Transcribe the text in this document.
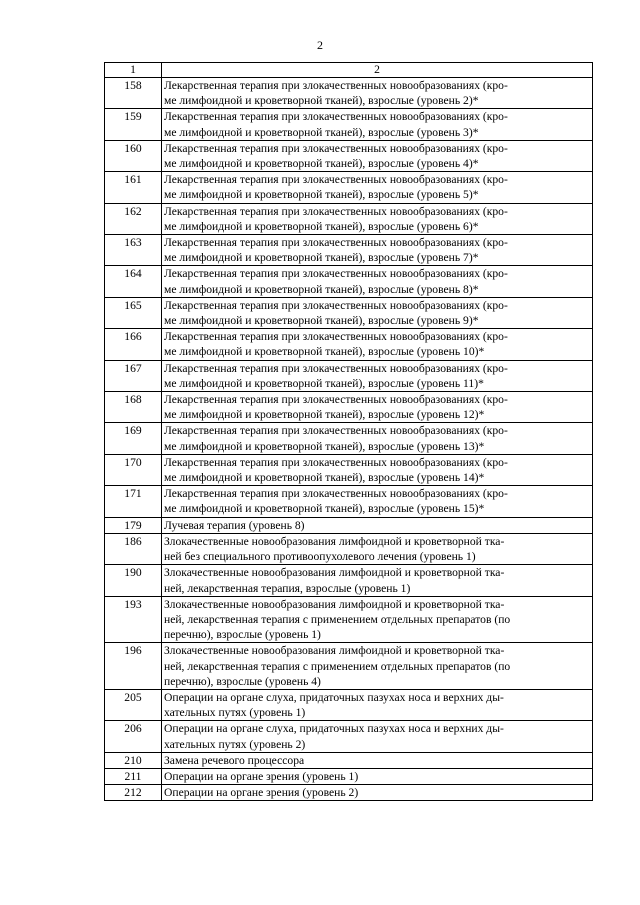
2
1	2
158	Лекарственная терапия при злокачественных новообразованиях (кро-
ме лимфоидной и кроветворной тканей), взрослые (уровень 2)*
159	Лекарственная терапия при злокачественных новообразованиях (кро-
ме лимфоидной и кроветворной тканей), взрослые (уровень 3)*
160	Лекарственная терапия при злокачественных новообразованиях (кро-
ме лимфоидной и кроветворной тканей), взрослые (уровень 4)*
161	Лекарственная терапия при злокачественных новообразованиях (кро-
ме лимфоидной и кроветворной тканей), взрослые (уровень 5)*
162	Лекарственная терапия при злокачественных новообразованиях (кро-
ме лимфоидной и кроветворной тканей), взрослые (уровень 6)*
163	Лекарственная терапия при злокачественных новообразованиях (кро-
ме лимфоидной и кроветворной тканей), взрослые (уровень 7)*
164	Лекарственная терапия при злокачественных новообразованиях (кро-
ме лимфоидной и кроветворной тканей), взрослые (уровень 8)*
165	Лекарственная терапия при злокачественных новообразованиях (кро-
ме лимфоидной и кроветворной тканей), взрослые (уровень 9)*
166	Лекарственная терапия при злокачественных новообразованиях (кро-
ме лимфоидной и кроветворной тканей), взрослые (уровень 10)*
167	Лекарственная терапия при злокачественных новообразованиях (кро-
ме лимфоидной и кроветворной тканей), взрослые (уровень 11)*
168	Лекарственная терапия при злокачественных новообразованиях (кро-
ме лимфоидной и кроветворной тканей), взрослые (уровень 12)*
169	Лекарственная терапия при злокачественных новообразованиях (кро-
ме лимфоидной и кроветворной тканей), взрослые (уровень 13)*
170	Лекарственная терапия при злокачественных новообразованиях (кро-
ме лимфоидной и кроветворной тканей), взрослые (уровень 14)*
171	Лекарственная терапия при злокачественных новообразованиях (кро-
ме лимфоидной и кроветворной тканей), взрослые (уровень 15)*
179	Лучевая терапия (уровень 8)
186	Злокачественные новообразования лимфоидной и кроветворной тка-
ней без специального противоопухолевого лечения (уровень 1)
190	Злокачественные новообразования лимфоидной и кроветворной тка-
ней, лекарственная терапия, взрослые (уровень 1)
193	Злокачественные новообразования лимфоидной и кроветворной тка-
ней, лекарственная терапия с применением отдельных препаратов (по
перечню), взрослые (уровень 1)
196	Злокачественные новообразования лимфоидной и кроветворной тка-
ней, лекарственная терапия с применением отдельных препаратов (по
перечню), взрослые (уровень 4)
205	Операции на органе слуха, придаточных пазухах носа и верхних ды-
хательных путях (уровень 1)
206	Операции на органе слуха, придаточных пазухах носа и верхних ды-
хательных путях (уровень 2)
210	Замена речевого процессора
211	Операции на органе зрения (уровень 1)
212	Операции на органе зрения (уровень 2)
